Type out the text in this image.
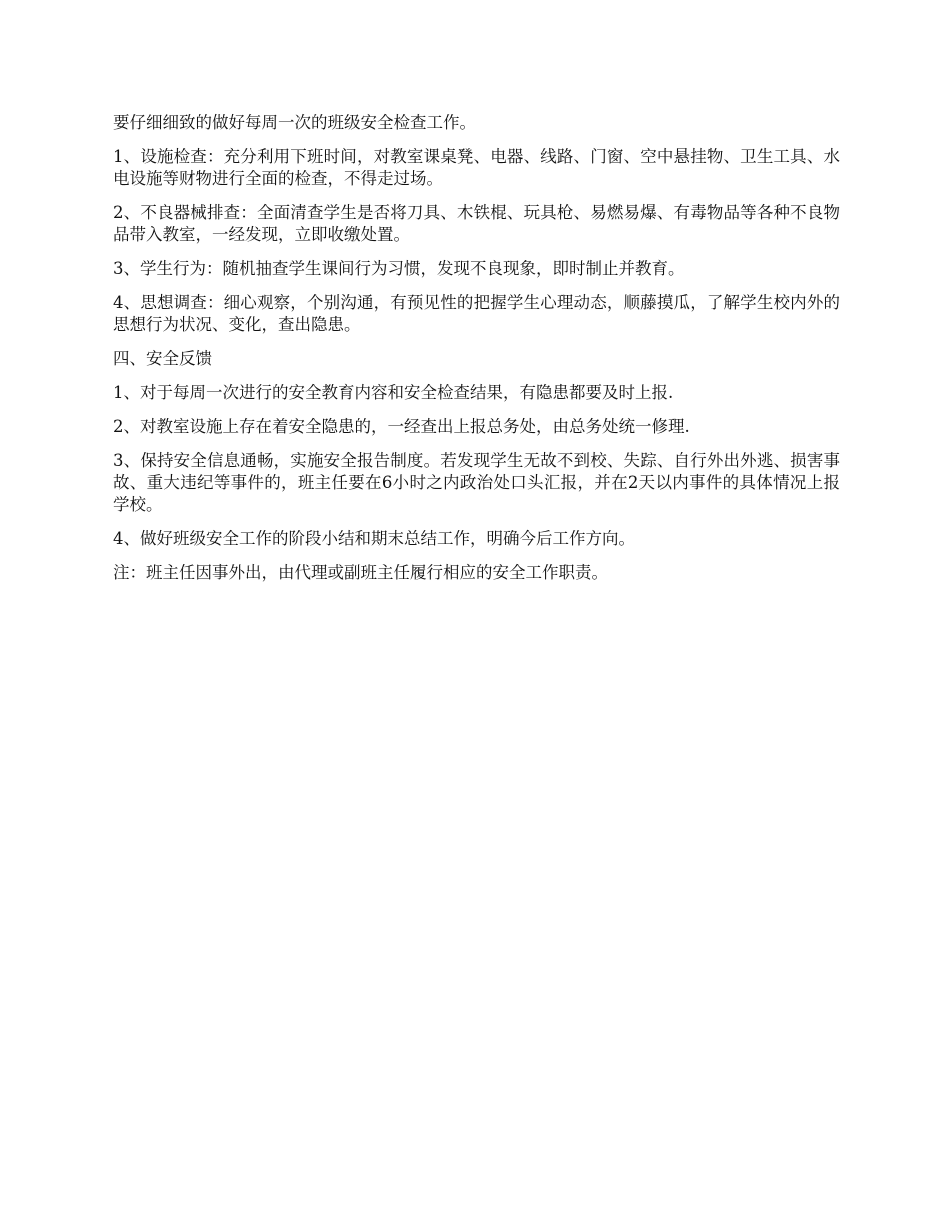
要仔细细致的做好每周一次的班级安全检查工作。

1、设施检查：充分利用下班时间，对教室课桌凳、电器、线路、门窗、空中悬挂物、卫生工具、水电设施等财物进行全面的检查，不得走过场。

2、不良器械排查：全面清查学生是否将刀具、木铁棍、玩具枪、易燃易爆、有毒物品等各种不良物品带入教室，一经发现，立即收缴处置。

3、学生行为：随机抽查学生课间行为习惯，发现不良现象，即时制止并教育。

4、思想调查：细心观察，个别沟通，有预见性的把握学生心理动态，顺藤摸瓜，了解学生校内外的思想行为状况、变化，查出隐患。

四、安全反馈

1、对于每周一次进行的安全教育内容和安全检查结果，有隐患都要及时上报.

2、对教室设施上存在着安全隐患的，一经查出上报总务处，由总务处统一修理.

3、保持安全信息通畅，实施安全报告制度。若发现学生无故不到校、失踪、自行外出外逃、损害事故、重大违纪等事件的，班主任要在6小时之内政治处口头汇报，并在2天以内事件的具体情况上报学校。

4、做好班级安全工作的阶段小结和期末总结工作，明确今后工作方向。

注：班主任因事外出，由代理或副班主任履行相应的安全工作职责。
